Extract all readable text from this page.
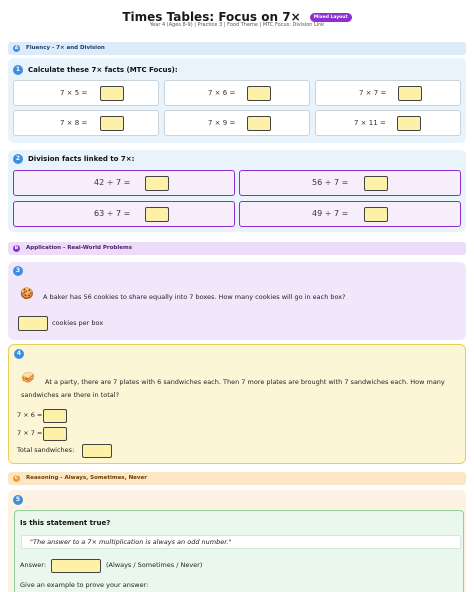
Times Tables: Focus on 7×	Mixed Layout
Year 4 (Ages 8-9) | Practice 3 | Food Theme | MTC Focus: Division Link
A	Fluency - 7× and Division
1	Calculate these 7× facts (MTC Focus):
7 × 5 =	7 × 6 =	7 × 7 =
7 × 8 =	7 × 9 =	7 × 11 =
2	Division facts linked to 7×:
42 ÷ 7 =	56 ÷ 7 =
63 ÷ 7 =	49 ÷ 7 =
B	Application - Real-World Problems
3
🍪 A baker has 56 cookies to share equally into 7 boxes. How many cookies will go in each box?
cookies per box
4
🥪	At a party, there are 7 plates with 6 sandwiches each. Then 7 more plates are brought with 7 sandwiches each. How many sandwiches are there in total?
7 × 6 =
7 × 7 =
Total sandwiches:
C	Reasoning - Always, Sometimes, Never
5
Is this statement true?
"The answer to a 7× multiplication is always an odd number."
Answer:	(Always / Sometimes / Never)
Give an example to prove your answer:
